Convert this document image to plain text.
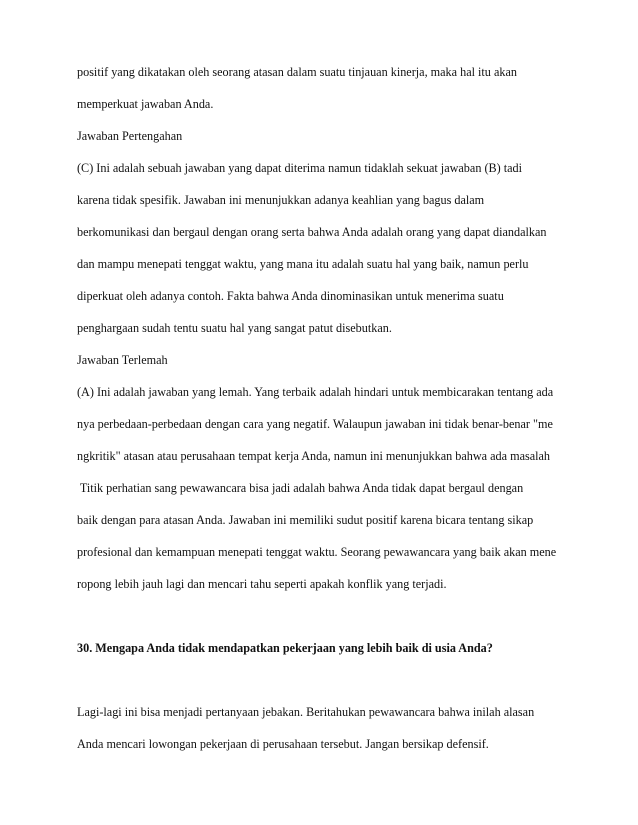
positif yang dikatakan oleh seorang atasan dalam suatu tinjauan kinerja, maka hal itu akan
memperkuat jawaban Anda.
Jawaban Pertengahan
(C) Ini adalah sebuah jawaban yang dapat diterima namun tidaklah sekuat jawaban (B) tadi
karena tidak spesifik. Jawaban ini menunjukkan adanya keahlian yang bagus dalam
berkomunikasi dan bergaul dengan orang serta bahwa Anda adalah orang yang dapat diandalkan
dan mampu menepati tenggat waktu, yang mana itu adalah suatu hal yang baik, namun perlu
diperkuat oleh adanya contoh. Fakta bahwa Anda dinominasikan untuk menerima suatu
penghargaan sudah tentu suatu hal yang sangat patut disebutkan.
Jawaban Terlemah
(A) Ini adalah jawaban yang lemah. Yang terbaik adalah hindari untuk membicarakan tentang ada
nya perbedaan-perbedaan dengan cara yang negatif. Walaupun jawaban ini tidak benar-benar "me
ngkritik" atasan atau perusahaan tempat kerja Anda, namun ini menunjukkan bahwa ada masalah
Titik perhatian sang pewawancara bisa jadi adalah bahwa Anda tidak dapat bergaul dengan
baik dengan para atasan Anda. Jawaban ini memiliki sudut positif karena bicara tentang sikap
profesional dan kemampuan menepati tenggat waktu. Seorang pewawancara yang baik akan mene
ropong lebih jauh lagi dan mencari tahu seperti apakah konflik yang terjadi.
30. Mengapa Anda tidak mendapatkan pekerjaan yang lebih baik di usia Anda?
Lagi-lagi ini bisa menjadi pertanyaan jebakan. Beritahukan pewawancara bahwa inilah alasan
Anda mencari lowongan pekerjaan di perusahaan tersebut. Jangan bersikap defensif.
